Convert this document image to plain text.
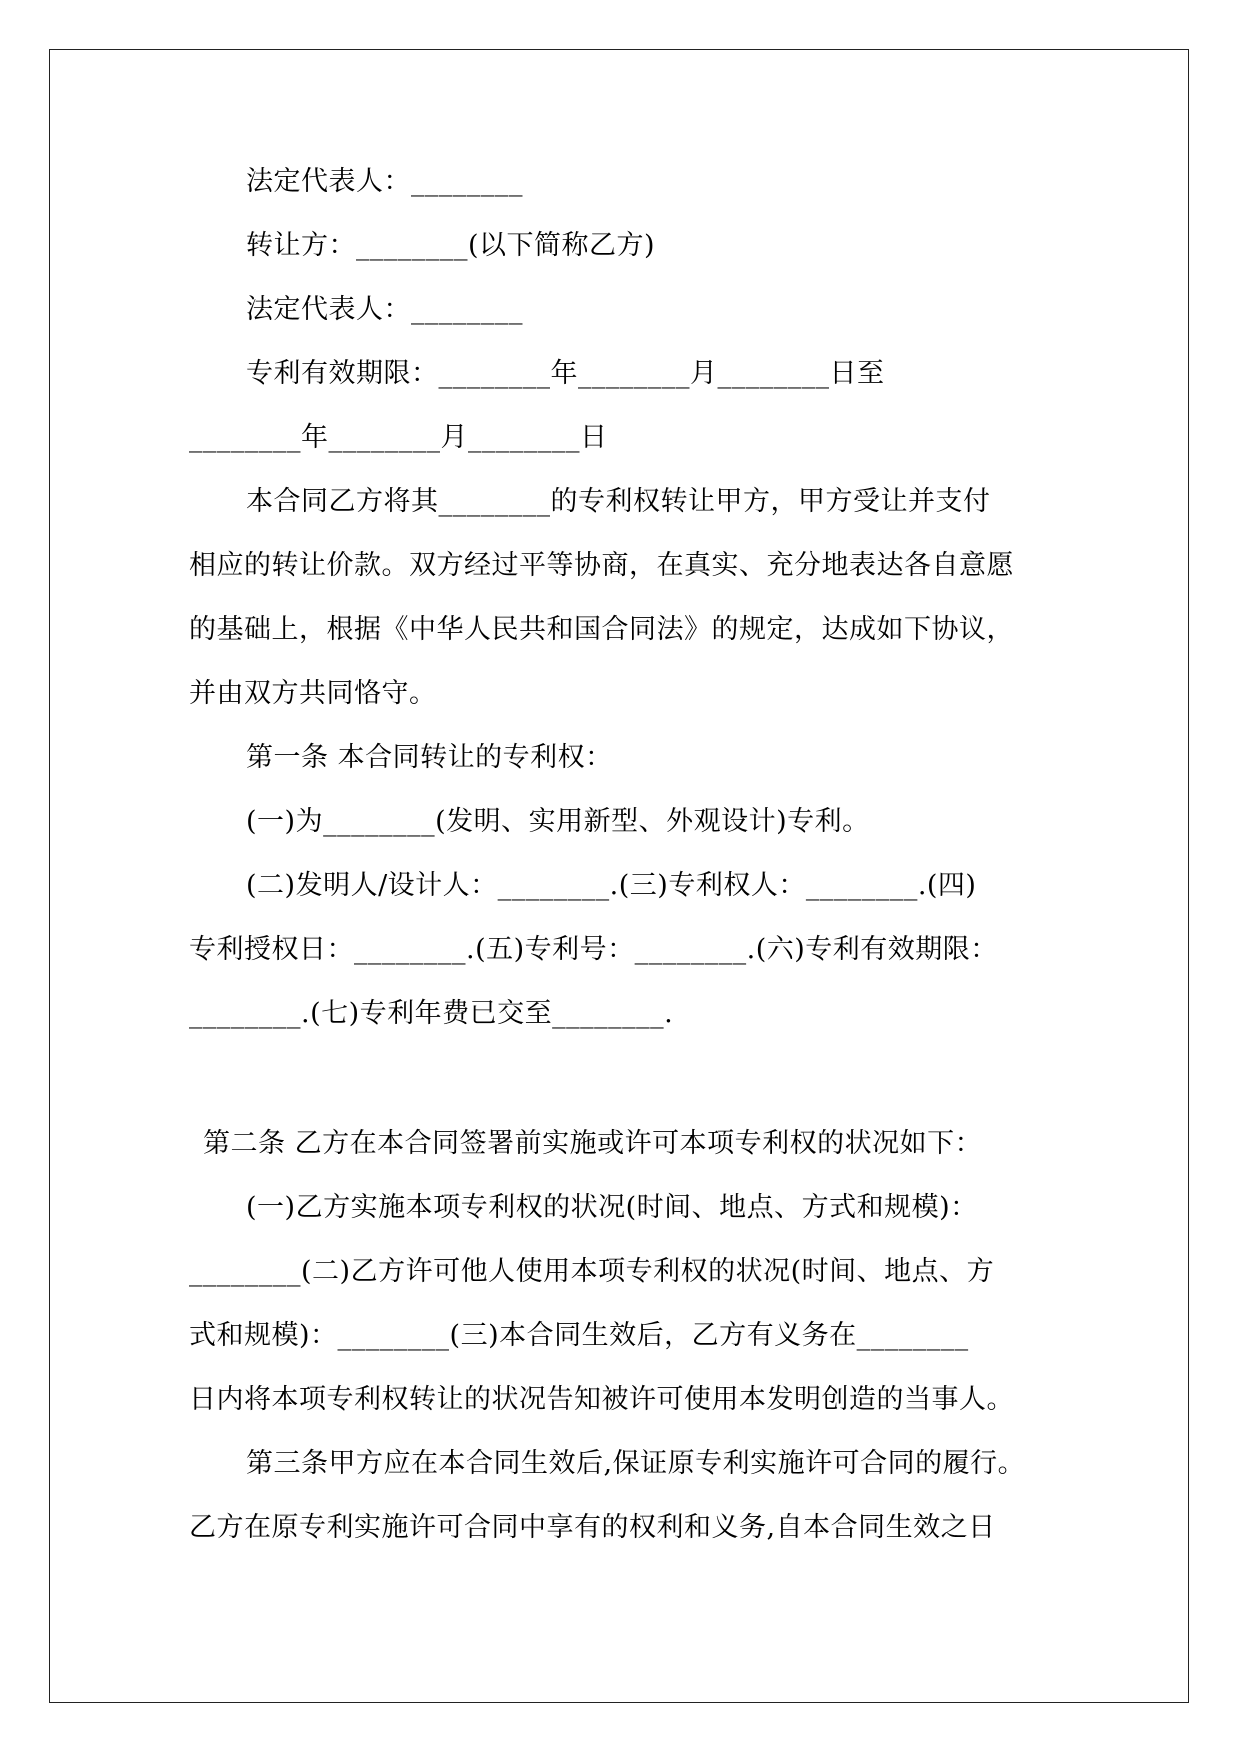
法定代表人：________
转让方：________(以下简称乙方)
法定代表人：________
专利有效期限：________年________月________日至
________年________月________日
本合同乙方将其________的专利权转让甲方，甲方受让并支付
相应的转让价款。双方经过平等协商，在真实、充分地表达各自意愿
的基础上，根据《中华人民共和国合同法》的规定，达成如下协议，
并由双方共同恪守。
第一条 本合同转让的专利权：
(一)为________(发明、实用新型、外观设计)专利。
(二)发明人/设计人：________.(三)专利权人：________.(四)
专利授权日：________.(五)专利号：________.(六)专利有效期限：
________.(七)专利年费已交至________.
第二条 乙方在本合同签署前实施或许可本项专利权的状况如下：
(一)乙方实施本项专利权的状况(时间、地点、方式和规模)：
________(二)乙方许可他人使用本项专利权的状况(时间、地点、方
式和规模)：________(三)本合同生效后，乙方有义务在________
日内将本项专利权转让的状况告知被许可使用本发明创造的当事人。
第三条甲方应在本合同生效后,保证原专利实施许可合同的履行。
乙方在原专利实施许可合同中享有的权利和义务,自本合同生效之日
